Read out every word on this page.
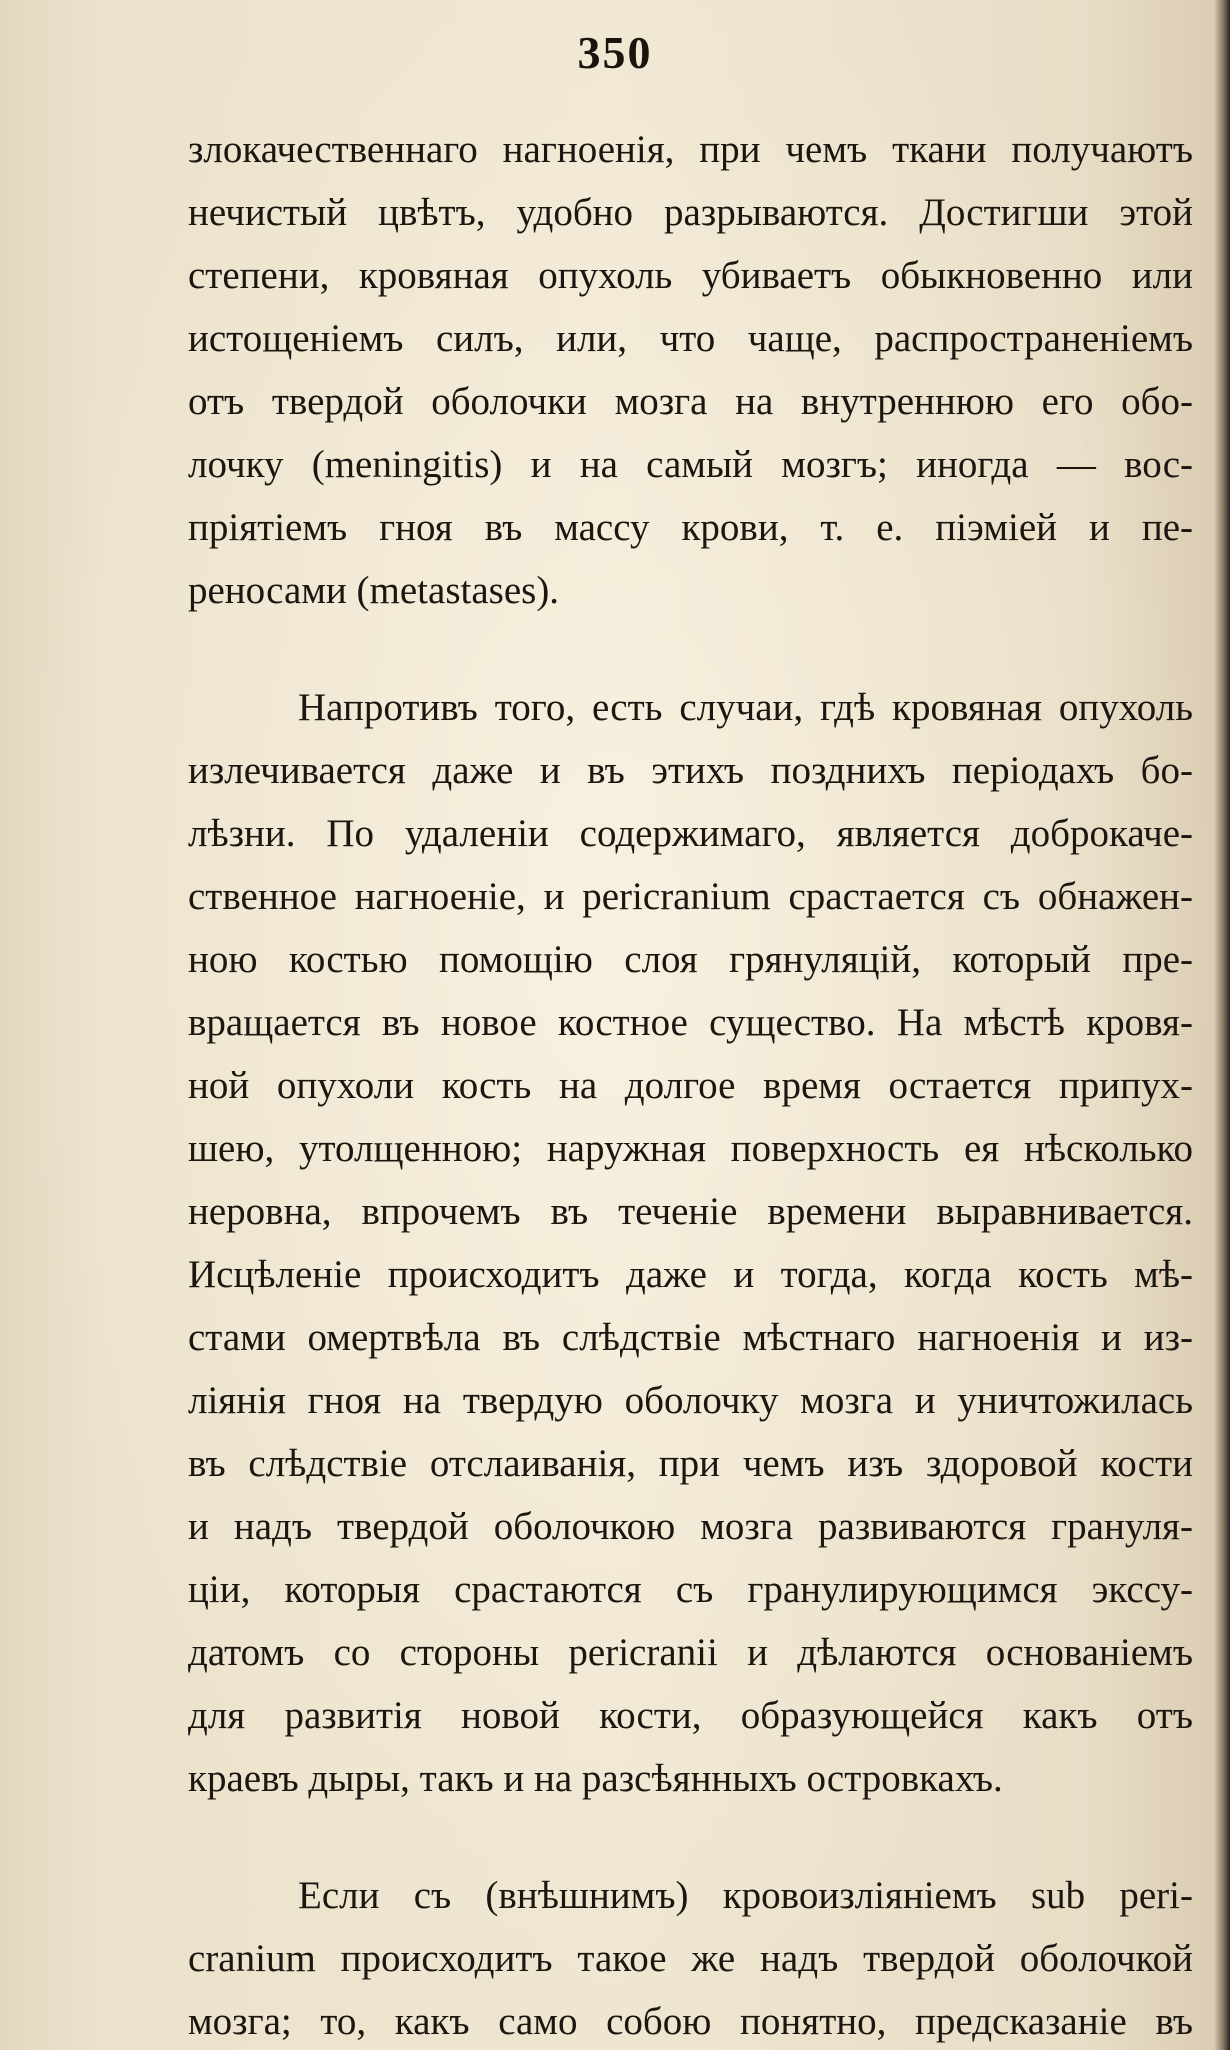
350
злокачественнаго нагноенія, при чемъ ткани получаютъ
нечистый цвѣтъ, удобно разрываются. Достигши этой
степени, кровяная опухоль убиваетъ обыкновенно или
истощеніемъ силъ, или, что чаще, распространеніемъ
отъ твердой оболочки мозга на внутреннюю его обо-
лочку (meningitis) и на самый мозгъ; иногда — вос-
пріятіемъ гноя въ массу крови, т. е. піэміей и пе-
реносами (metastases).
Напротивъ того, есть случаи, гдѣ кровяная опухоль
излечивается даже и въ этихъ позднихъ періодахъ бо-
лѣзни. По удаленіи содержимаго, является доброкаче-
ственное нагноеніе, и pericranium срастается съ обнажен-
ною костью помощію слоя грянуляцій, который пре-
вращается въ новое костное существо. На мѣстѣ кровя-
ной опухоли кость на долгое время остается припух-
шею, утолщенною; наружная поверхность ея нѣсколько
неровна, впрочемъ въ теченіе времени выравнивается.
Исцѣленіе происходитъ даже и тогда, когда кость мѣ-
стами омертвѣла въ слѣдствіе мѣстнаго нагноенія и из-
лiянія гноя на твердую оболочку мозга и уничтожилась
въ слѣдствіе отслаиванія, при чемъ изъ здоровой кости
и надъ твердой оболочкою мозга развиваются грануля-
ціи, которыя срастаются съ гранулирующимся экссу-
датомъ со стороны pericranii и дѣлаются основаніемъ
для развитія новой кости, образующейся какъ отъ
краевъ дыры, такъ и на разсѣянныхъ островкахъ.
Если съ (внѣшнимъ) кровоизліяніемъ sub peri-
cranium происходитъ такое же надъ твердой оболочкой
мозга; то, какъ само собою понятно, предсказаніе въ
